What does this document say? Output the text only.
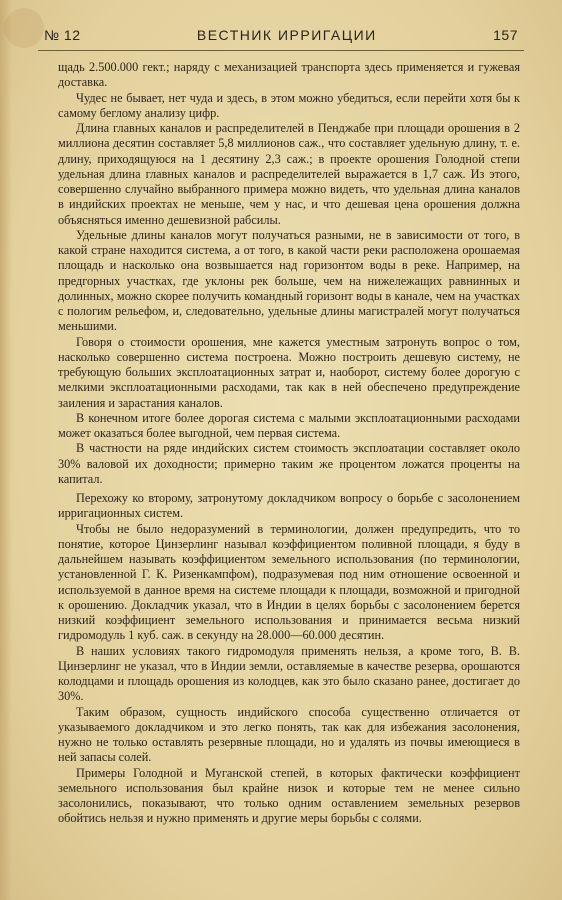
№ 12	ВЕСТНИК ИРРИГАЦИИ	157

щадь 2.500.000 гект.; наряду с механизацией транспорта здесь применяется и гужевая доставка.

Чудес не бывает, нет чуда и здесь, в этом можно убедиться, если перейти хотя бы к самому беглому анализу цифр.

Длина главных каналов и распределителей в Пенджабе при площади орошения в 2 миллиона десятин составляет 5,8 миллионов саж., что составляет удельную длину, т. е. длину, приходящуюся на 1 десятину 2,3 саж.; в проекте орошения Голодной степи удельная длина главных каналов и распределителей выражается в 1,7 саж. Из этого, совершенно случайно выбранного примера можно видеть, что удельная длина каналов в индийских проектах не меньше, чем у нас, и что дешевая цена орошения должна объясняться именно дешевизной рабсилы.

Удельные длины каналов могут получаться разными, не в зависимости от того, в какой стране находится система, а от того, в какой части реки расположена орошаемая площадь и насколько она возвышается над горизонтом воды в реке. Например, на предгорных участках, где уклоны рек больше, чем на нижележащих равнинных и долинных, можно скорее получить командный горизонт воды в канале, чем на участках с пологим рельефом, и, следовательно, удельные длины магистралей могут получаться меньшими.

Говоря о стоимости орошения, мне кажется уместным затронуть вопрос о том, насколько совершенно система построена. Можно построить дешевую систему, не требующую больших эксплоатационных затрат и, наоборот, систему более дорогую с мелкими эксплоатационными расходами, так как в ней обеспечено предупреждение заиления и зарастания каналов.

В конечном итоге более дорогая система с малыми эксплоатационными расходами может оказаться более выгодной, чем первая система.

В частности на ряде индийских систем стоимость эксплоатации составляет около 30% валовой их доходности; примерно таким же процентом ложатся проценты на капитал.

Перехожу ко второму, затронутому докладчиком вопросу о борьбе с засолонением ирригационных систем.

Чтобы не было недоразумений в терминологии, должен предупредить, что то понятие, которое Цинзерлинг называл коэффициентом поливной площади, я буду в дальнейшем называть коэффициентом земельного использования (по терминологии, установленной Г. К. Ризенкампфом), подразумевая под ним отношение освоенной и используемой в данное время на системе площади к площади, возможной и пригодной к орошению. Докладчик указал, что в Индии в целях борьбы с засолонением берется низкий коэффициент земельного использования и принимается весьма низкий гидромодуль 1 куб. саж. в секунду на 28.000—60.000 десятин.

В наших условиях такого гидромодуля применять нельзя, а кроме того, В. В. Цинзерлинг не указал, что в Индии земли, оставляемые в качестве резерва, орошаются колодцами и площадь орошения из колодцев, как это было сказано ранее, достигает до 30%.

Таким образом, сущность индийского способа существенно отличается от указываемого докладчиком и это легко понять, так как для избежания засолонения, нужно не только оставлять резервные площади, но и удалять из почвы имеющиеся в ней запасы солей.

Примеры Голодной и Муганской степей, в которых фактически коэффициент земельного использования был крайне низок и которые тем не менее сильно засолонились, показывают, что только одним оставлением земельных резервов обойтись нельзя и нужно применять и другие меры борьбы с солями.
